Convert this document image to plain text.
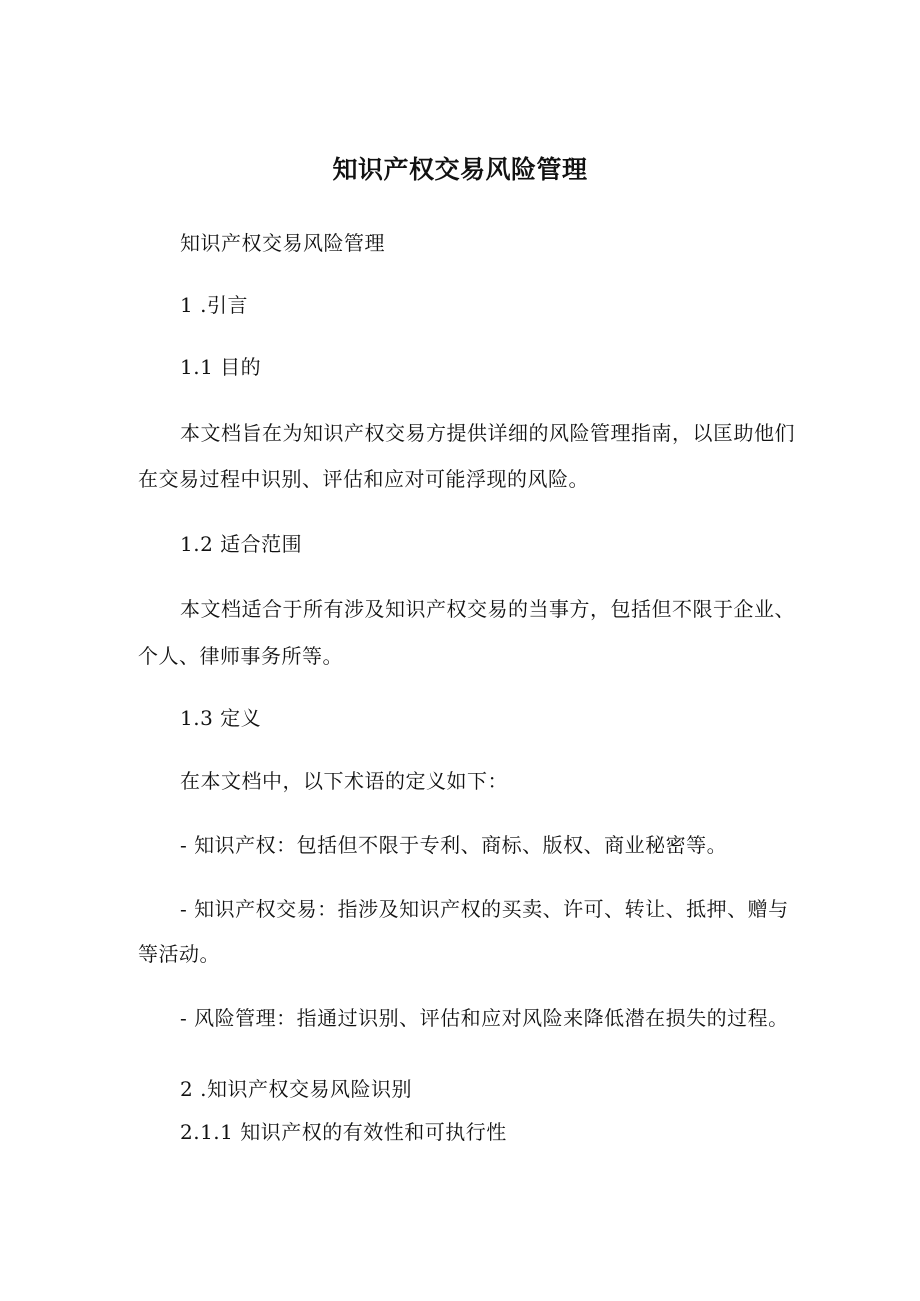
知识产权交易风险管理
知识产权交易风险管理
1 .引言
1.1 目的
本文档旨在为知识产权交易方提供详细的风险管理指南，以匡助他们
在交易过程中识别、评估和应对可能浮现的风险。
1.2 适合范围
本文档适合于所有涉及知识产权交易的当事方，包括但不限于企业、
个人、律师事务所等。
1.3 定义
在本文档中，以下术语的定义如下：
- 知识产权：包括但不限于专利、商标、版权、商业秘密等。
- 知识产权交易：指涉及知识产权的买卖、许可、转让、抵押、赠与
等活动。
- 风险管理：指通过识别、评估和应对风险来降低潜在损失的过程。
2 .知识产权交易风险识别
2.1.1 知识产权的有效性和可执行性
